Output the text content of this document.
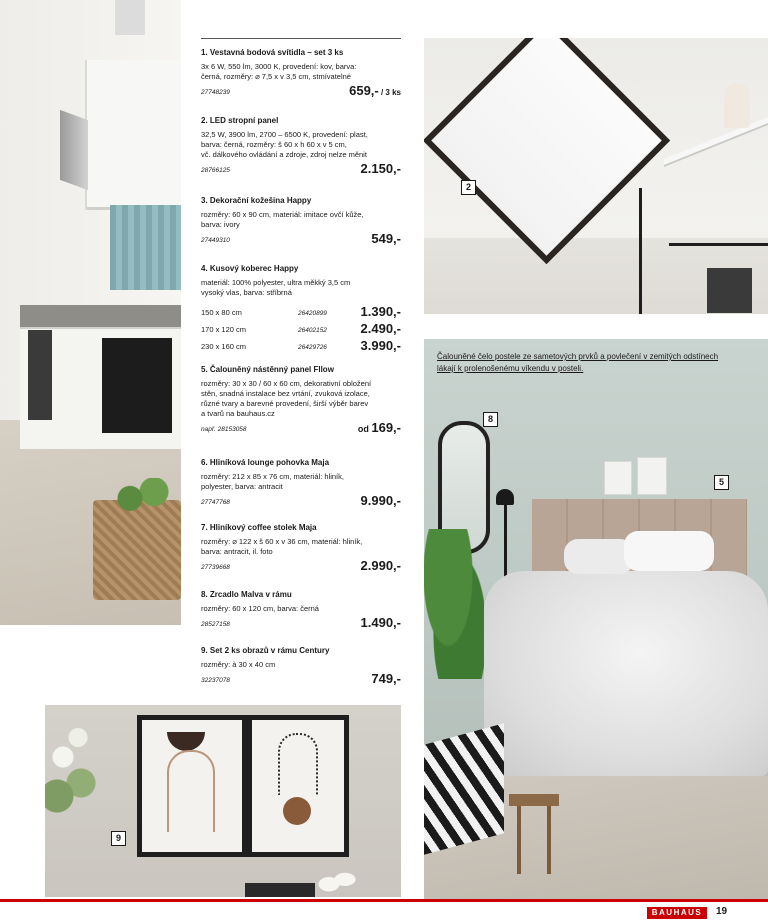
2
8
5
9
1. Vestavná bodová svítidla – set 3 ks
3x 6 W, 550 lm, 3000 K, provedení: kov, barva:
černá, rozměry: ⌀ 7,5 x v 3,5 cm, stmívatelné
27748239	659,- / 3 ks
2. LED stropní panel
32,5 W, 3900 lm, 2700 – 6500 K, provedení: plast,
barva: černá, rozměry: š 60 x h 60 x v 5 cm,
vč. dálkového ovládání a zdroje, zdroj nelze měnit
28766125	2.150,-
3. Dekorační kožešina Happy
rozměry: 60 x 90 cm, materiál: imitace ovčí kůže,
barva: ivory
27449310	549,-
4. Kusový koberec Happy
materiál: 100% polyester, ultra měkký 3,5 cm
vysoký vlas, barva: stříbrná
150 x 80 cm	26420899	1.390,-
170 x 120 cm	26402152	2.490,-
230 x 160 cm	26429726	3.990,-
5. Čalouněný nástěnný panel Fllow
rozměry: 30 x 30 / 60 x 60 cm, dekorativní obložení
stěn, snadná instalace bez vrtání, zvuková izolace,
různé tvary a barevné provedení, širší výběr barev
a tvarů na bauhaus.cz
např. 28153058	od 169,-
6. Hliníková lounge pohovka Maja
rozměry: 212 x 85 x 76 cm, materiál: hliník,
polyester, barva: antracit
27747768	9.990,-
7. Hliníkový coffee stolek Maja
rozměry: ⌀ 122 x š 60 x v 36 cm, materiál: hliník,
barva: antracit, il. foto
27739668	2.990,-
8. Zrcadlo Malva v rámu
rozměry: 60 x 120 cm, barva: černá
28527158	1.490,-
9. Set 2 ks obrazů v rámu Century
rozměry: à 30 x 40 cm
32237078	749,-
Čalouněné čelo postele ze sametových prvků a povlečení v zemitých odstínech lákají k prolenošenému víkendu v posteli.
BAUHAUS	19
